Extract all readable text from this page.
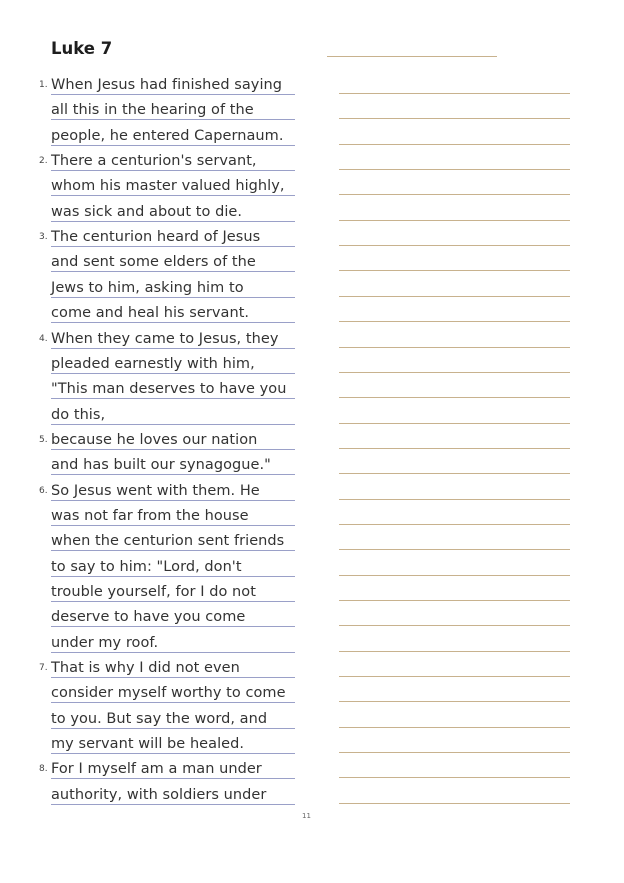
Luke 7
1. When Jesus had finished saying
all this in the hearing of the
people, he entered Capernaum.
2. There a centurion's servant,
whom his master valued highly,
was sick and about to die.
3. The centurion heard of Jesus
and sent some elders of the
Jews to him, asking him to
come and heal his servant.
4. When they came to Jesus, they
pleaded earnestly with him,
"This man deserves to have you
do this,
5. because he loves our nation
and has built our synagogue."
6. So Jesus went with them. He
was not far from the house
when the centurion sent friends
to say to him: "Lord, don't
trouble yourself, for I do not
deserve to have you come
under my roof.
7. That is why I did not even
consider myself worthy to come
to you. But say the word, and
my servant will be healed.
8. For I myself am a man under
authority, with soldiers under
11
